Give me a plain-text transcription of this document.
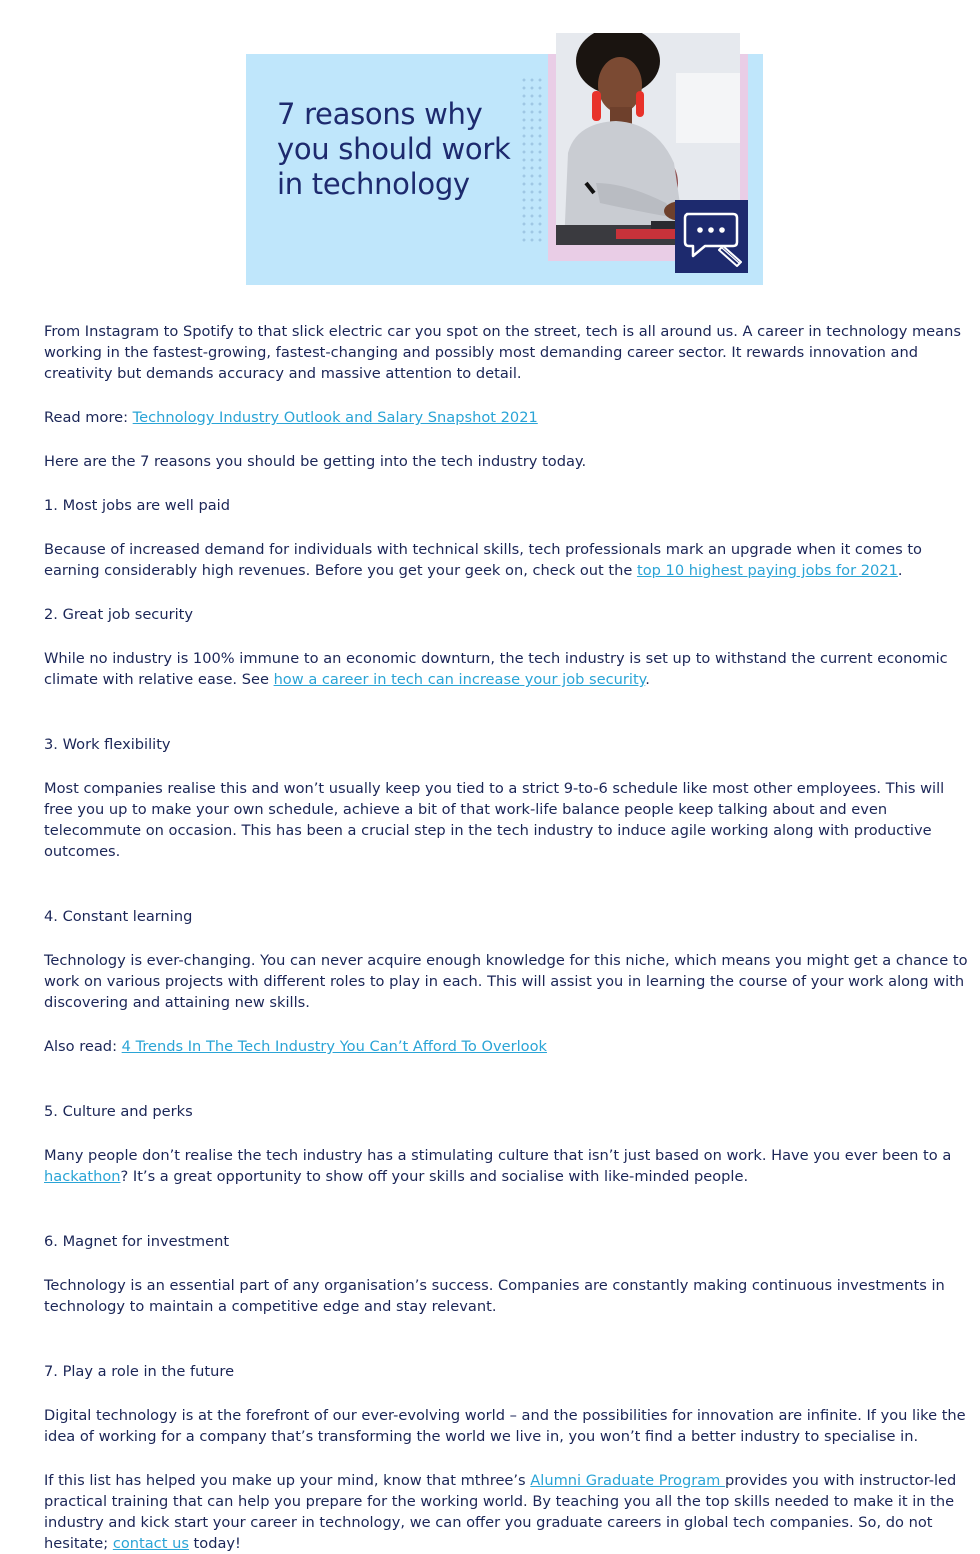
7 reasons why
you should work
in technology

From Instagram to Spotify to that slick electric car you spot on the street, tech is all around us. A career in technology means working in the fastest-growing, fastest-changing and possibly most demanding career sector. It rewards innovation and creativity but demands accuracy and massive attention to detail.

Read more: Technology Industry Outlook and Salary Snapshot 2021

Here are the 7 reasons you should be getting into the tech industry today.

1. Most jobs are well paid

Because of increased demand for individuals with technical skills, tech professionals mark an upgrade when it comes to earning considerably high revenues. Before you get your geek on, check out the top 10 highest paying jobs for 2021.

2. Great job security

While no industry is 100% immune to an economic downturn, the tech industry is set up to withstand the current economic climate with relative ease. See how a career in tech can increase your job security.

3. Work flexibility

Most companies realise this and won’t usually keep you tied to a strict 9-to-6 schedule like most other employees. This will free you up to make your own schedule, achieve a bit of that work-life balance people keep talking about and even telecommute on occasion. This has been a crucial step in the tech industry to induce agile working along with productive outcomes.

4. Constant learning

Technology is ever-changing. You can never acquire enough knowledge for this niche, which means you might get a chance to work on various projects with different roles to play in each. This will assist you in learning the course of your work along with discovering and attaining new skills.

Also read: 4 Trends In The Tech Industry You Can’t Afford To Overlook

5. Culture and perks

Many people don’t realise the tech industry has a stimulating culture that isn’t just based on work. Have you ever been to a hackathon? It’s a great opportunity to show off your skills and socialise with like-minded people.

6. Magnet for investment

Technology is an essential part of any organisation’s success. Companies are constantly making continuous investments in technology to maintain a competitive edge and stay relevant.

7. Play a role in the future

Digital technology is at the forefront of our ever-evolving world – and the possibilities for innovation are infinite. If you like the idea of working for a company that’s transforming the world we live in, you won’t find a better industry to specialise in.

If this list has helped you make up your mind, know that mthree’s Alumni Graduate Program provides you with instructor-led practical training that can help you prepare for the working world. By teaching you all the top skills needed to make it in the industry and kick start your career in technology, we can offer you graduate careers in global tech companies. So, do not hesitate; contact us today!
